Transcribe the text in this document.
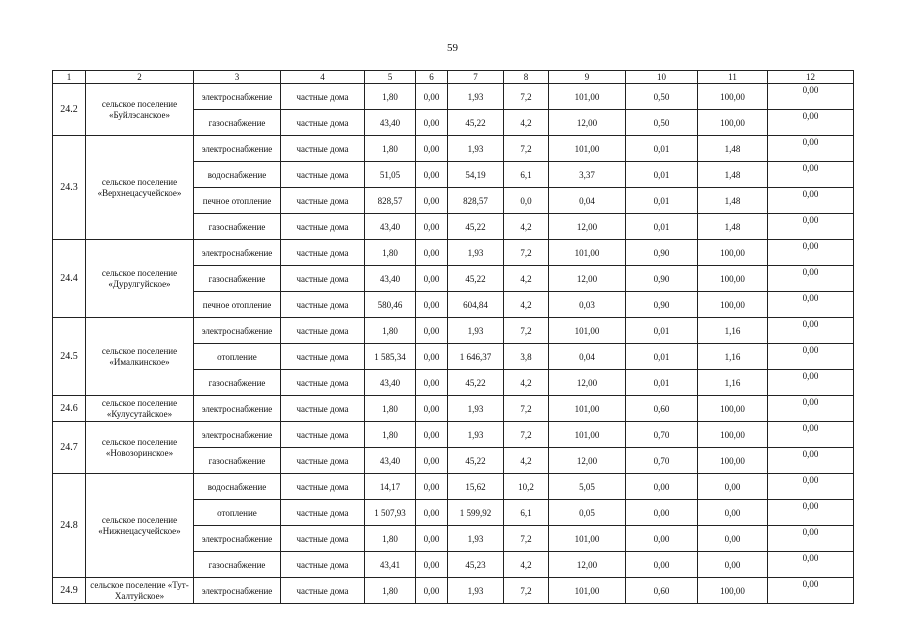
59
1	2	3	4	5	6	7	8	9	10	11	12
24.2	сельское поселение «Буйлэсанское»	электроснабжение	частные дома	1,80	0,00	1,93	7,2	101,00	0,50	100,00	0,00
		газоснабжение	частные дома	43,40	0,00	45,22	4,2	12,00	0,50	100,00	0,00
24.3	сельское поселение «Верхнецасучейское»	электроснабжение	частные дома	1,80	0,00	1,93	7,2	101,00	0,01	1,48	0,00
		водоснабжение	частные дома	51,05	0,00	54,19	6,1	3,37	0,01	1,48	0,00
		печное отопление	частные дома	828,57	0,00	828,57	0,0	0,04	0,01	1,48	0,00
		газоснабжение	частные дома	43,40	0,00	45,22	4,2	12,00	0,01	1,48	0,00
24.4	сельское поселение «Дурулгуйское»	электроснабжение	частные дома	1,80	0,00	1,93	7,2	101,00	0,90	100,00	0,00
		газоснабжение	частные дома	43,40	0,00	45,22	4,2	12,00	0,90	100,00	0,00
		печное отопление	частные дома	580,46	0,00	604,84	4,2	0,03	0,90	100,00	0,00
24.5	сельское поселение «Ималкинское»	электроснабжение	частные дома	1,80	0,00	1,93	7,2	101,00	0,01	1,16	0,00
		отопление	частные дома	1 585,34	0,00	1 646,37	3,8	0,04	0,01	1,16	0,00
		газоснабжение	частные дома	43,40	0,00	45,22	4,2	12,00	0,01	1,16	0,00
24.6	сельское поселение «Кулусутайское»	электроснабжение	частные дома	1,80	0,00	1,93	7,2	101,00	0,60	100,00	0,00
24.7	сельское поселение «Новозоринское»	электроснабжение	частные дома	1,80	0,00	1,93	7,2	101,00	0,70	100,00	0,00
		газоснабжение	частные дома	43,40	0,00	45,22	4,2	12,00	0,70	100,00	0,00
24.8	сельское поселение «Нижнецасучейское»	водоснабжение	частные дома	14,17	0,00	15,62	10,2	5,05	0,00	0,00	0,00
		отопление	частные дома	1 507,93	0,00	1 599,92	6,1	0,05	0,00	0,00	0,00
		электроснабжение	частные дома	1,80	0,00	1,93	7,2	101,00	0,00	0,00	0,00
		газоснабжение	частные дома	43,41	0,00	45,23	4,2	12,00	0,00	0,00	0,00
24.9	сельское поселение «Тут-Халтуйское»	электроснабжение	частные дома	1,80	0,00	1,93	7,2	101,00	0,60	100,00	0,00
